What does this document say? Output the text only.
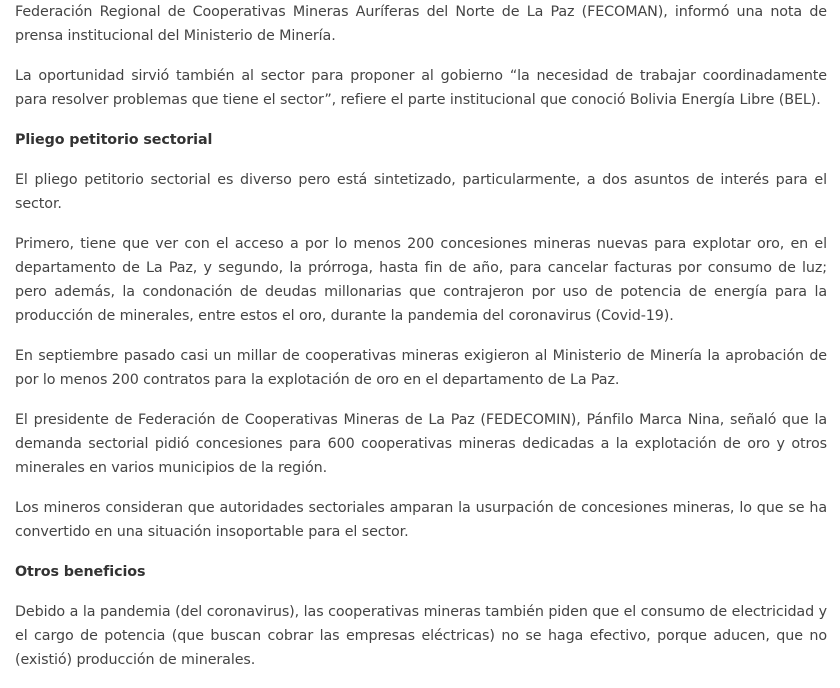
Federación Regional de Cooperativas Mineras Auríferas del Norte de La Paz (FECOMAN), informó una nota de prensa institucional del Ministerio de Minería.

La oportunidad sirvió también al sector para proponer al gobierno “la necesidad de trabajar coordinadamente para resolver problemas que tiene el sector”, refiere el parte institucional que conoció Bolivia Energía Libre (BEL).

Pliego petitorio sectorial

El pliego petitorio sectorial es diverso pero está sintetizado, particularmente, a dos asuntos de interés para el sector.

Primero, tiene que ver con el acceso a por lo menos 200 concesiones mineras nuevas para explotar oro, en el departamento de La Paz, y segundo, la prórroga, hasta fin de año, para cancelar facturas por consumo de luz; pero además, la condonación de deudas millonarias que contrajeron por uso de potencia de energía para la producción de minerales, entre estos el oro, durante la pandemia del coronavirus (Covid-19).

En septiembre pasado casi un millar de cooperativas mineras exigieron al Ministerio de Minería la aprobación de por lo menos 200 contratos para la explotación de oro en el departamento de La Paz.

El presidente de Federación de Cooperativas Mineras de La Paz (FEDECOMIN), Pánfilo Marca Nina, señaló que la demanda sectorial pidió concesiones para 600 cooperativas mineras dedicadas a la explotación de oro y otros minerales en varios municipios de la región.

Los mineros consideran que autoridades sectoriales amparan la usurpación de concesiones mineras, lo que se ha convertido en una situación insoportable para el sector.

Otros beneficios

Debido a la pandemia (del coronavirus), las cooperativas mineras también piden que el consumo de electricidad y el cargo de potencia (que buscan cobrar las empresas eléctricas) no se haga efectivo, porque aducen, que no (existió) producción de minerales.
